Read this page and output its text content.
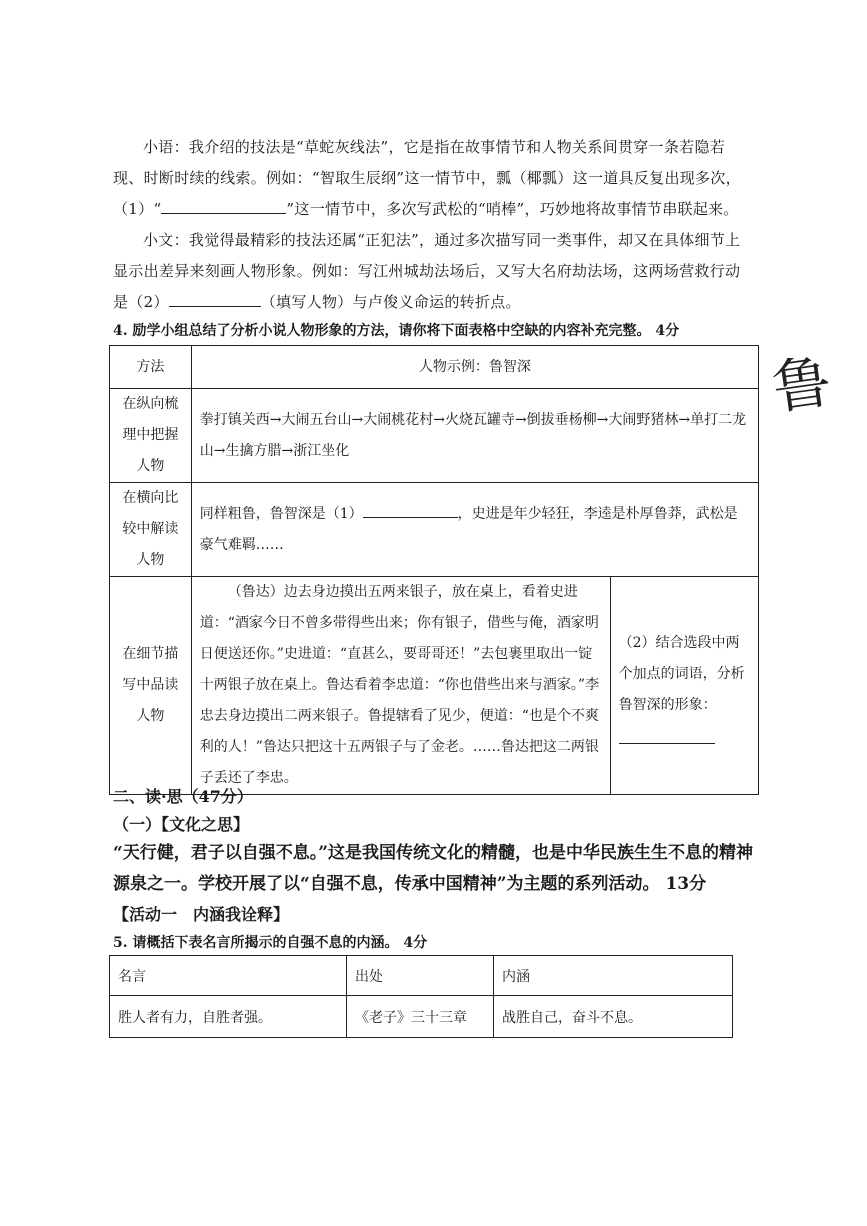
小语：我介绍的技法是“草蛇灰线法”，它是指在故事情节和人物关系间贯穿一条若隐若现、时断时续的线索。例如：“智取生辰纲”这一情节中，瓢（椰瓢）这一道具反复出现多次，（1）“	”这一情节中，多次写武松的“哨棒”，巧妙地将故事情节串联起来。
小文：我觉得最精彩的技法还属“正犯法”，通过多次描写同一类事件，却又在具体细节上显示出差异来刻画人物形象。例如：写江州城劫法场后，又写大名府劫法场，这两场营救行动是（2）	（填写人物）与卢俊义命运的转折点。
4. 励学小组总结了分析小说人物形象的方法，请你将下面表格中空缺的内容补充完整。 4分
方法	人物示例：鲁智深	
在纵向梳理中把握人物	拳打镇关西→大闹五台山→大闹桃花村→火烧瓦罐寺→倒拔垂杨柳→大闹野猪林→单打二龙山→生擒方腊→浙江坐化	
在横向比较中解读人物	同样粗鲁，鲁智深是（1） ，史进是年少轻狂，李逵是朴厚鲁莽，武松是豪气难羁……	
在细节描写中品读人物	（鲁达）边去身边摸出五两来银子，放在桌上，看着史进道：“酒家今日不曾多带得些出来；你有银子，借些与俺，酒家明日便送还你。”史进道：“直甚么，要哥哥还！”去包裹里取出一锭十两银子放在桌上。鲁达看着李忠道：“你也借些出来与酒家。”李忠去身边摸出二两来银子。鲁提辖看了见少，便道：“也是个不爽利的人！”鲁达只把这十五两银子与了金老。……鲁达把这二两银子丢还了李忠。	（2）结合选段中两个加点的词语，分析鲁智深的形象：
鲁
二、读·思（47分）
（一）【文化之思】
“天行健，君子以自强不息。”这是我国传统文化的精髓，也是中华民族生生不息的精神源泉之一。学校开展了以“自强不息，传承中国精神”为主题的系列活动。 13分
【活动一　内涵我诠释】
5. 请概括下表名言所揭示的自强不息的内涵。 4分
名言	出处	内涵
胜人者有力，自胜者强。	《老子》三十三章	战胜自己，奋斗不息。
